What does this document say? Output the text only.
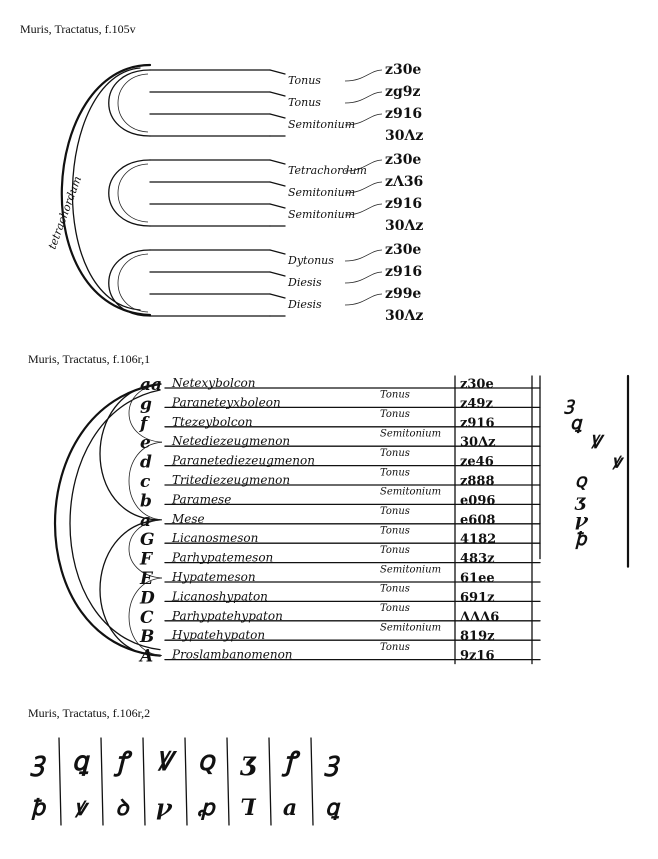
Muris, Tractatus, f.105v
Muris, Tractatus, f.106r,1
Muris, Tractatus, f.106r,2
tetrachordum
Tonus
Tonus
Semitonium
Tetrachordum
Semitonium
Semitonium
Dytonus
Diesis
Diesis
z30e
zg9z
z916
30Λz
z30e
zΛ36
z916
30Λz
z30e
z916
z99e
30Λz
aa
g
f
e
d
c
b
a
G
F
E
D
C
B
A
Netexybolcon
Paraneteyxboleon
Ttezeybolcon
Netediezeugmenon
Paranetediezeugmenon
Tritediezeugmenon
Paramese
Mese
Licanosmeson
Parhypatemeson
Hypatemeson
Licanoshypaton
Parhypatehypaton
Hypatehypaton
Proslambanomenon
Tonus
Tonus
Semitonium
Tonus
Tonus
Semitonium
Tonus
Tonus
Tonus
Semitonium
Tonus
Tonus
Semitonium
Tonus
z30e
z49z
z916
30Λz
ze46
z888
e096
e608
4182
483z
61ee
691z
ΛΛΛ6
819z
9z16
ꝫ
ꝗ
Ꝟ
ꝟ
ꞯ
ʒ
ꝩ
ꝥ
ꝫ
ꝥ
ꝗ
ꝟ
ꝭ
ꝺ
Ꝟ
ꝩ
ꞯ
ꝓ
ʒ
Ꞁ
ꝭ
a
ꝫ
ꝗ
